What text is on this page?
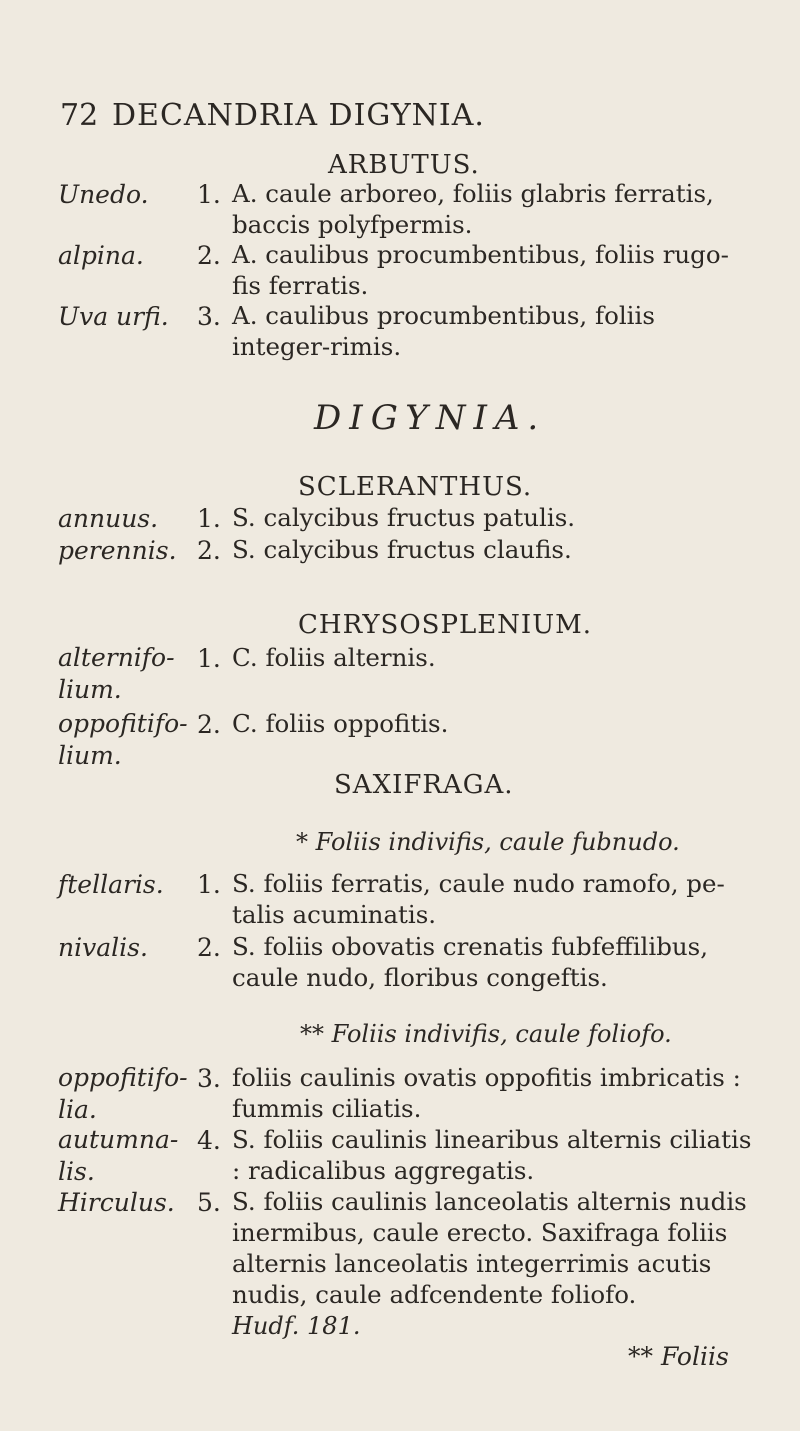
72 DECANDRIA DIGYNIA.
ARBUTUS.
Unedo. 1. A. caule arboreo, foliis glabris ferratis, baccis polyfpermis.
alpina. 2. A. caulibus procumbentibus, foliis rugo-fis ferratis.
Uva urfi. 3. A. caulibus procumbentibus, foliis integer-rimis.
DIGYNIA.
SCLERANTHUS.
annuus. 1. S. calycibus fructus patulis.
perennis. 2. S. calycibus fructus claufis.
CHRYSOSPLENIUM.
alternifo-lium.
1. C. foliis alternis.
oppofitifo-lium.
2. C. foliis oppofitis.
SAXIFRAGA.
* Foliis indivifis, caule fubnudo.
ftellaris. 1. S. foliis ferratis, caule nudo ramofo, pe-talis acuminatis.
nivalis. 2. S. foliis obovatis crenatis fubfeffilibus, caule nudo, floribus congeftis.
** Foliis indivifis, caule foliofo.
oppofitifo-lia.
3. foliis caulinis ovatis oppofitis imbricatis : fummis ciliatis.
autumna-lis.
4. S. foliis caulinis linearibus alternis ciliatis : radicalibus aggregatis.
Hirculus. 5. S. foliis caulinis lanceolatis alternis nudis inermibus, caule erecto. Saxifraga foliis alternis lanceolatis integerrimis acutis nudis, caule adfcendente foliofo.
Hudf. 181.
** Foliis
